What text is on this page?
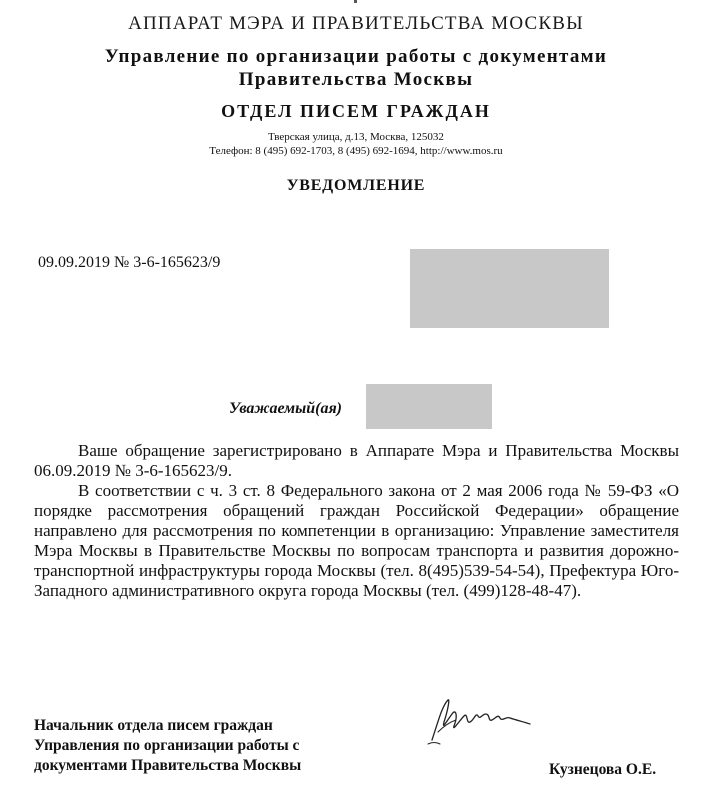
АППАРАТ МЭРА И ПРАВИТЕЛЬСТВА МОСКВЫ
Управление по организации работы с документами
Правительства Москвы
ОТДЕЛ ПИСЕМ ГРАЖДАН
Тверская улица, д.13, Москва, 125032
Телефон: 8 (495) 692-1703, 8 (495) 692-1694, http://www.mos.ru
УВЕДОМЛЕНИЕ
09.09.2019 № 3-6-165623/9
Уважаемый(ая)

Ваше обращение зарегистрировано в Аппарате Мэра и Правительства Москвы 06.09.2019 № 3-6-165623/9.

В соответствии с ч. 3 ст. 8 Федерального закона от 2 мая 2006 года № 59-ФЗ «О порядке рассмотрения обращений граждан Российской Федерации» обращение направлено для рассмотрения по компетенции в организацию: Управление заместителя Мэра Москвы в Правительстве Москвы по вопросам транспорта и развития дорожно-транспортной инфраструктуры города Москвы (тел. 8(495)539-54-54), Префектура Юго-Западного административного округа города Москвы (тел. (499)128-48-47).

Начальник отдела писем граждан
Управления по организации работы с
документами Правительства Москвы	Кузнецова О.Е.
